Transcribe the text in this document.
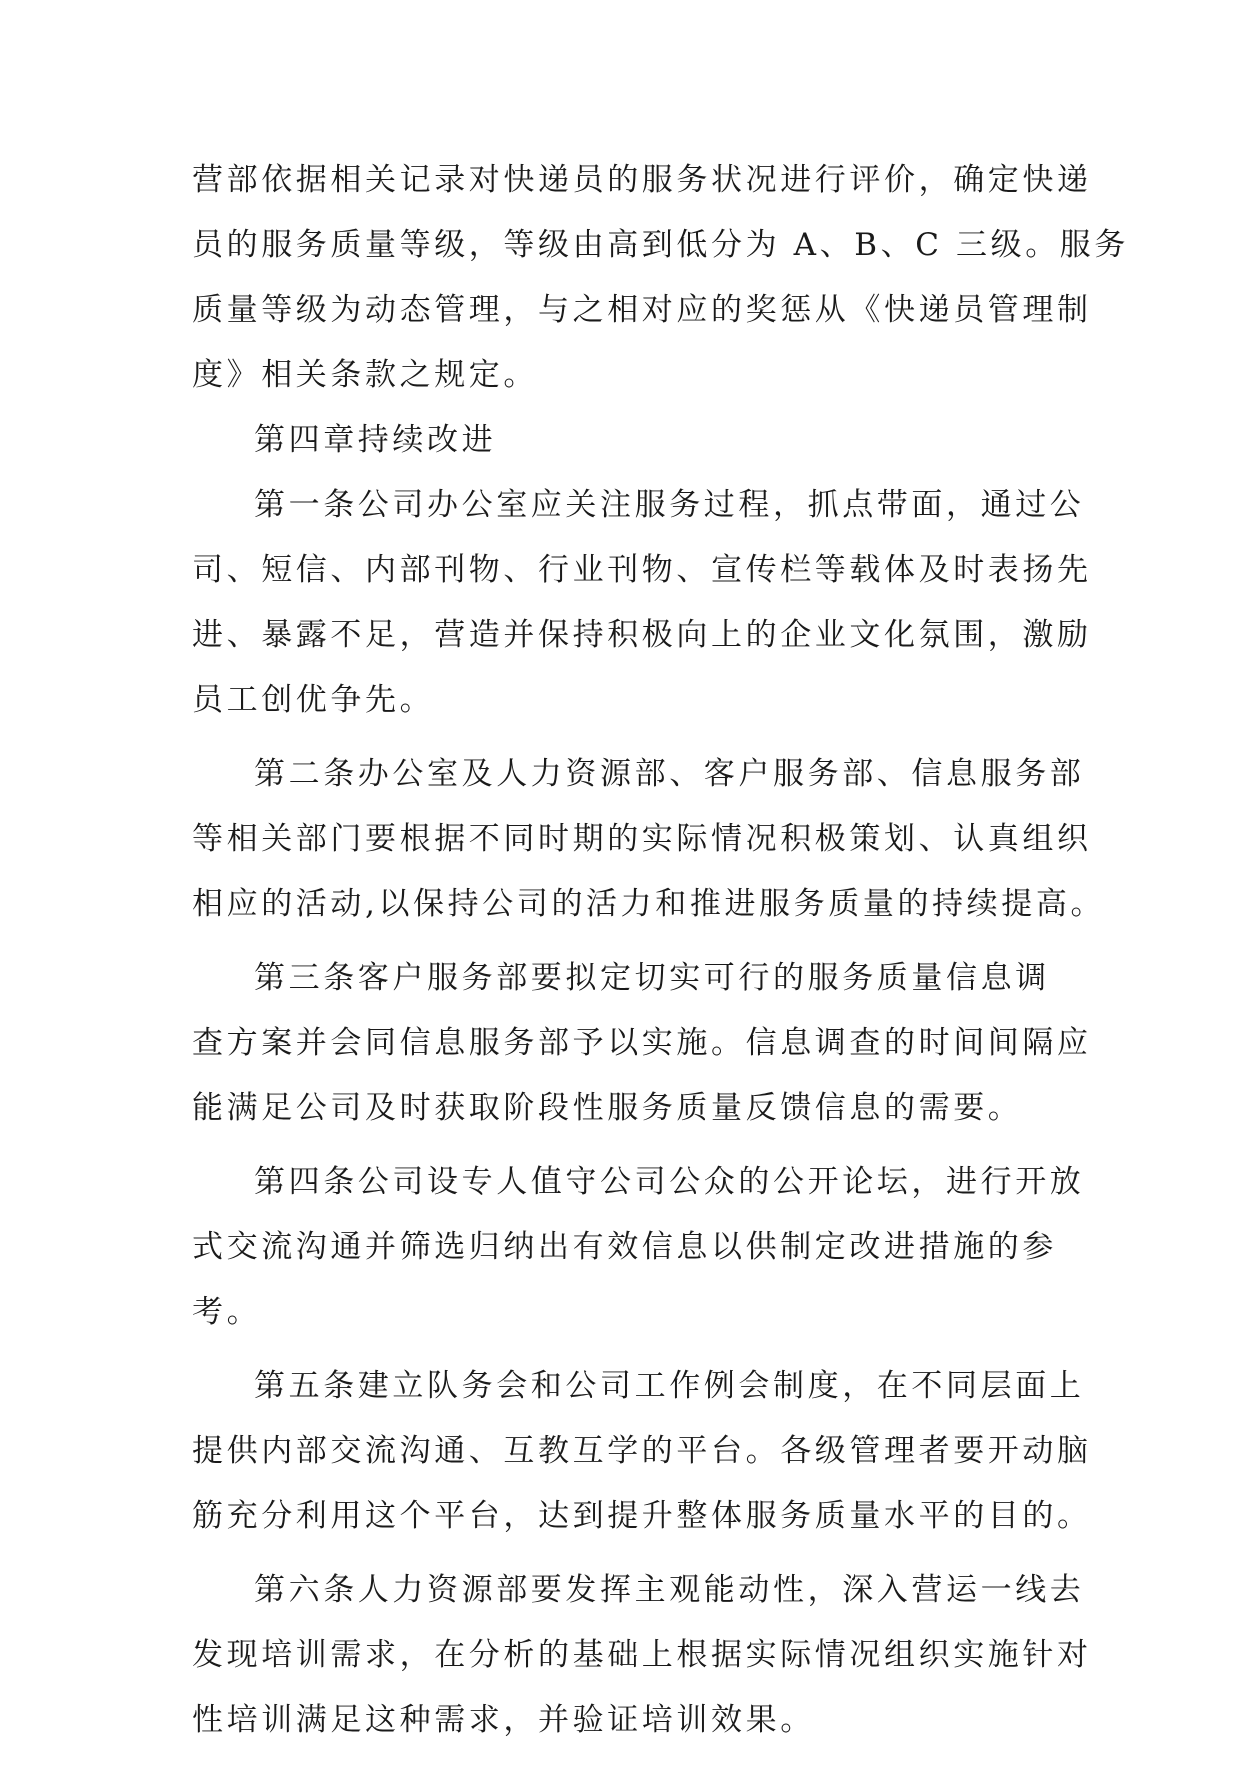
营部依据相关记录对快递员的服务状况进行评价，确定快递
员的服务质量等级，等级由高到低分为 A、B、C 三级。服务
质量等级为动态管理，与之相对应的奖惩从《快递员管理制
度》相关条款之规定。
第四章持续改进
第一条公司办公室应关注服务过程，抓点带面，通过公
司、短信、内部刊物、行业刊物、宣传栏等载体及时表扬先
进、暴露不足，营造并保持积极向上的企业文化氛围，激励
员工创优争先。
第二条办公室及人力资源部、客户服务部、信息服务部
等相关部门要根据不同时期的实际情况积极策划、认真组织
相应的活动,以保持公司的活力和推进服务质量的持续提高。
第三条客户服务部要拟定切实可行的服务质量信息调
查方案并会同信息服务部予以实施。信息调查的时间间隔应
能满足公司及时获取阶段性服务质量反馈信息的需要。
第四条公司设专人值守公司公众的公开论坛，进行开放
式交流沟通并筛选归纳出有效信息以供制定改进措施的参
考。
第五条建立队务会和公司工作例会制度，在不同层面上
提供内部交流沟通、互教互学的平台。各级管理者要开动脑
筋充分利用这个平台，达到提升整体服务质量水平的目的。
第六条人力资源部要发挥主观能动性，深入营运一线去
发现培训需求，在分析的基础上根据实际情况组织实施针对
性培训满足这种需求，并验证培训效果。
